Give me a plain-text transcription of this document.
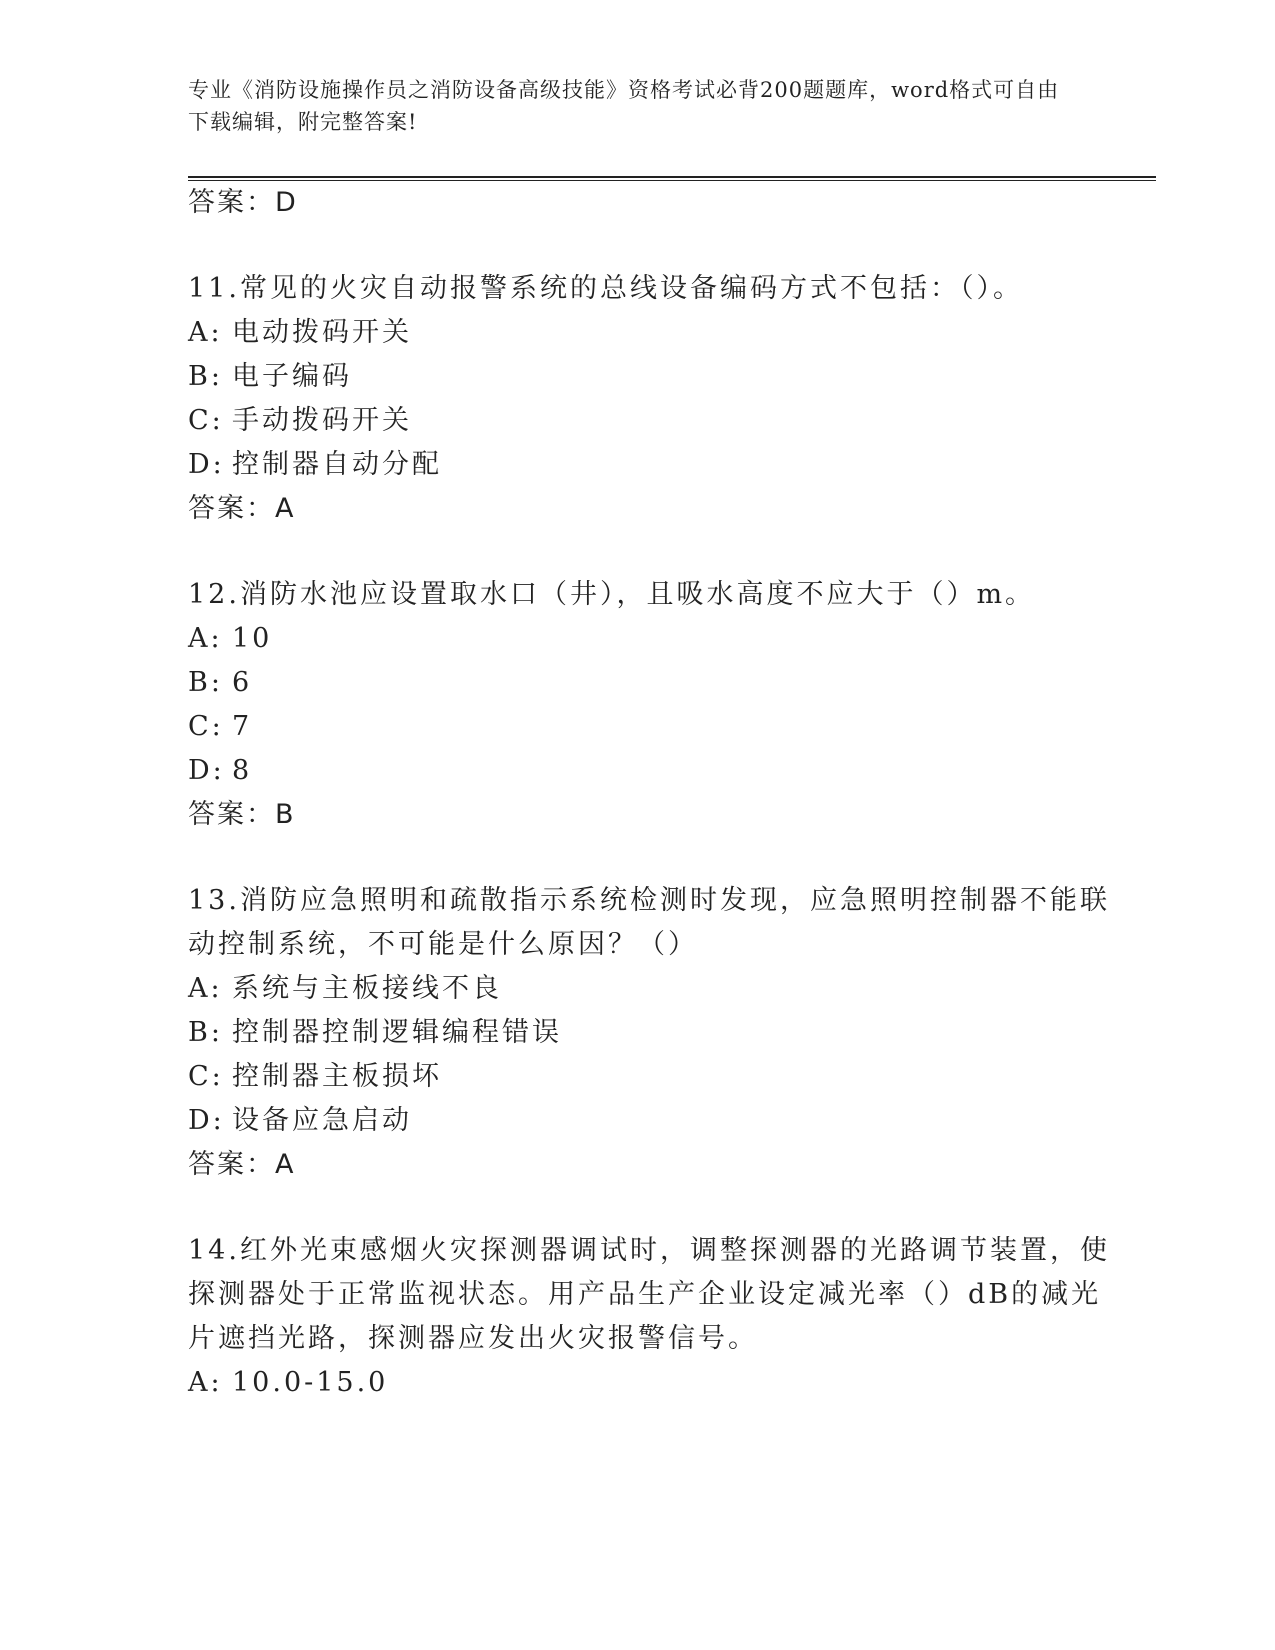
专业《消防设施操作员之消防设备高级技能》资格考试必背200题题库，word格式可自由下载编辑，附完整答案!
答案：D
11.常见的火灾自动报警系统的总线设备编码方式不包括：（）。
A: 电动拨码开关
B: 电子编码
C: 手动拨码开关
D: 控制器自动分配
答案：A
12.消防水池应设置取水口（井），且吸水高度不应大于（）m。
A: 10
B: 6
C: 7
D: 8
答案：B
13.消防应急照明和疏散指示系统检测时发现，应急照明控制器不能联
动控制系统，不可能是什么原因？（）
A: 系统与主板接线不良
B: 控制器控制逻辑编程错误
C: 控制器主板损坏
D: 设备应急启动
答案：A
14.红外光束感烟火灾探测器调试时，调整探测器的光路调节装置，使
探测器处于正常监视状态。用产品生产企业设定减光率（）dB的减光
片遮挡光路，探测器应发出火灾报警信号。
A: 10.0-15.0
